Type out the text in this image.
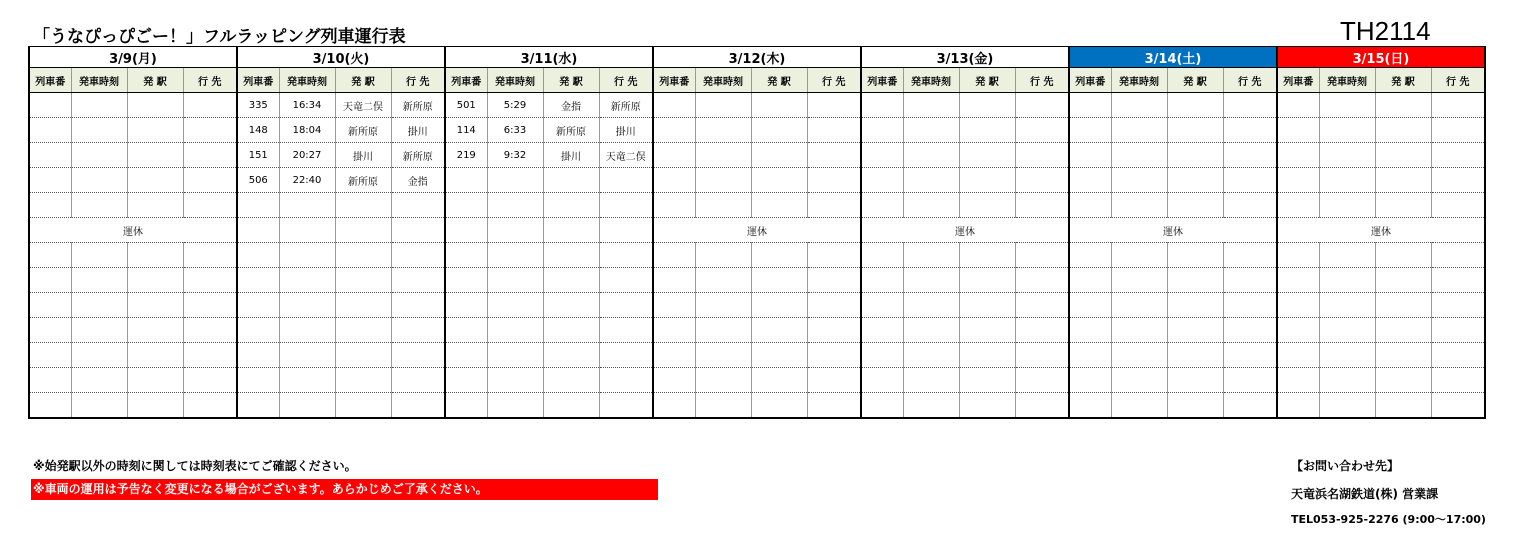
「うなぴっぴごー！」フルラッピング列車運行表	TH2114
3/9(月)				3/10(火)				3/11(水)				3/12(木)				3/13(金)				3/14(土)				3/15(日)			
列車番	発車時刻	発 駅	行 先	列車番	発車時刻	発 駅	行 先	列車番	発車時刻	発 駅	行 先	列車番	発車時刻	発 駅	行 先	列車番	発車時刻	発 駅	行 先	列車番	発車時刻	発 駅	行 先	列車番	発車時刻	発 駅	行 先
				335	16:34	天竜二俣	新所原	501	5:29	金指	新所原																
				148	18:04	新所原	掛川	114	6:33	新所原	掛川																
				151	20:27	掛川	新所原	219	9:32	掛川	天竜二俣																
				506	22:40	新所原	金指																				

運休												運休				運休				運休				運休			

※始発駅以外の時刻に関しては時刻表にてご確認ください。
※車両の運用は予告なく変更になる場合がございます。あらかじめご了承ください。
【お問い合わせ先】
天竜浜名湖鉄道(株) 営業課
TEL053-925-2276 (9:00～17:00)
